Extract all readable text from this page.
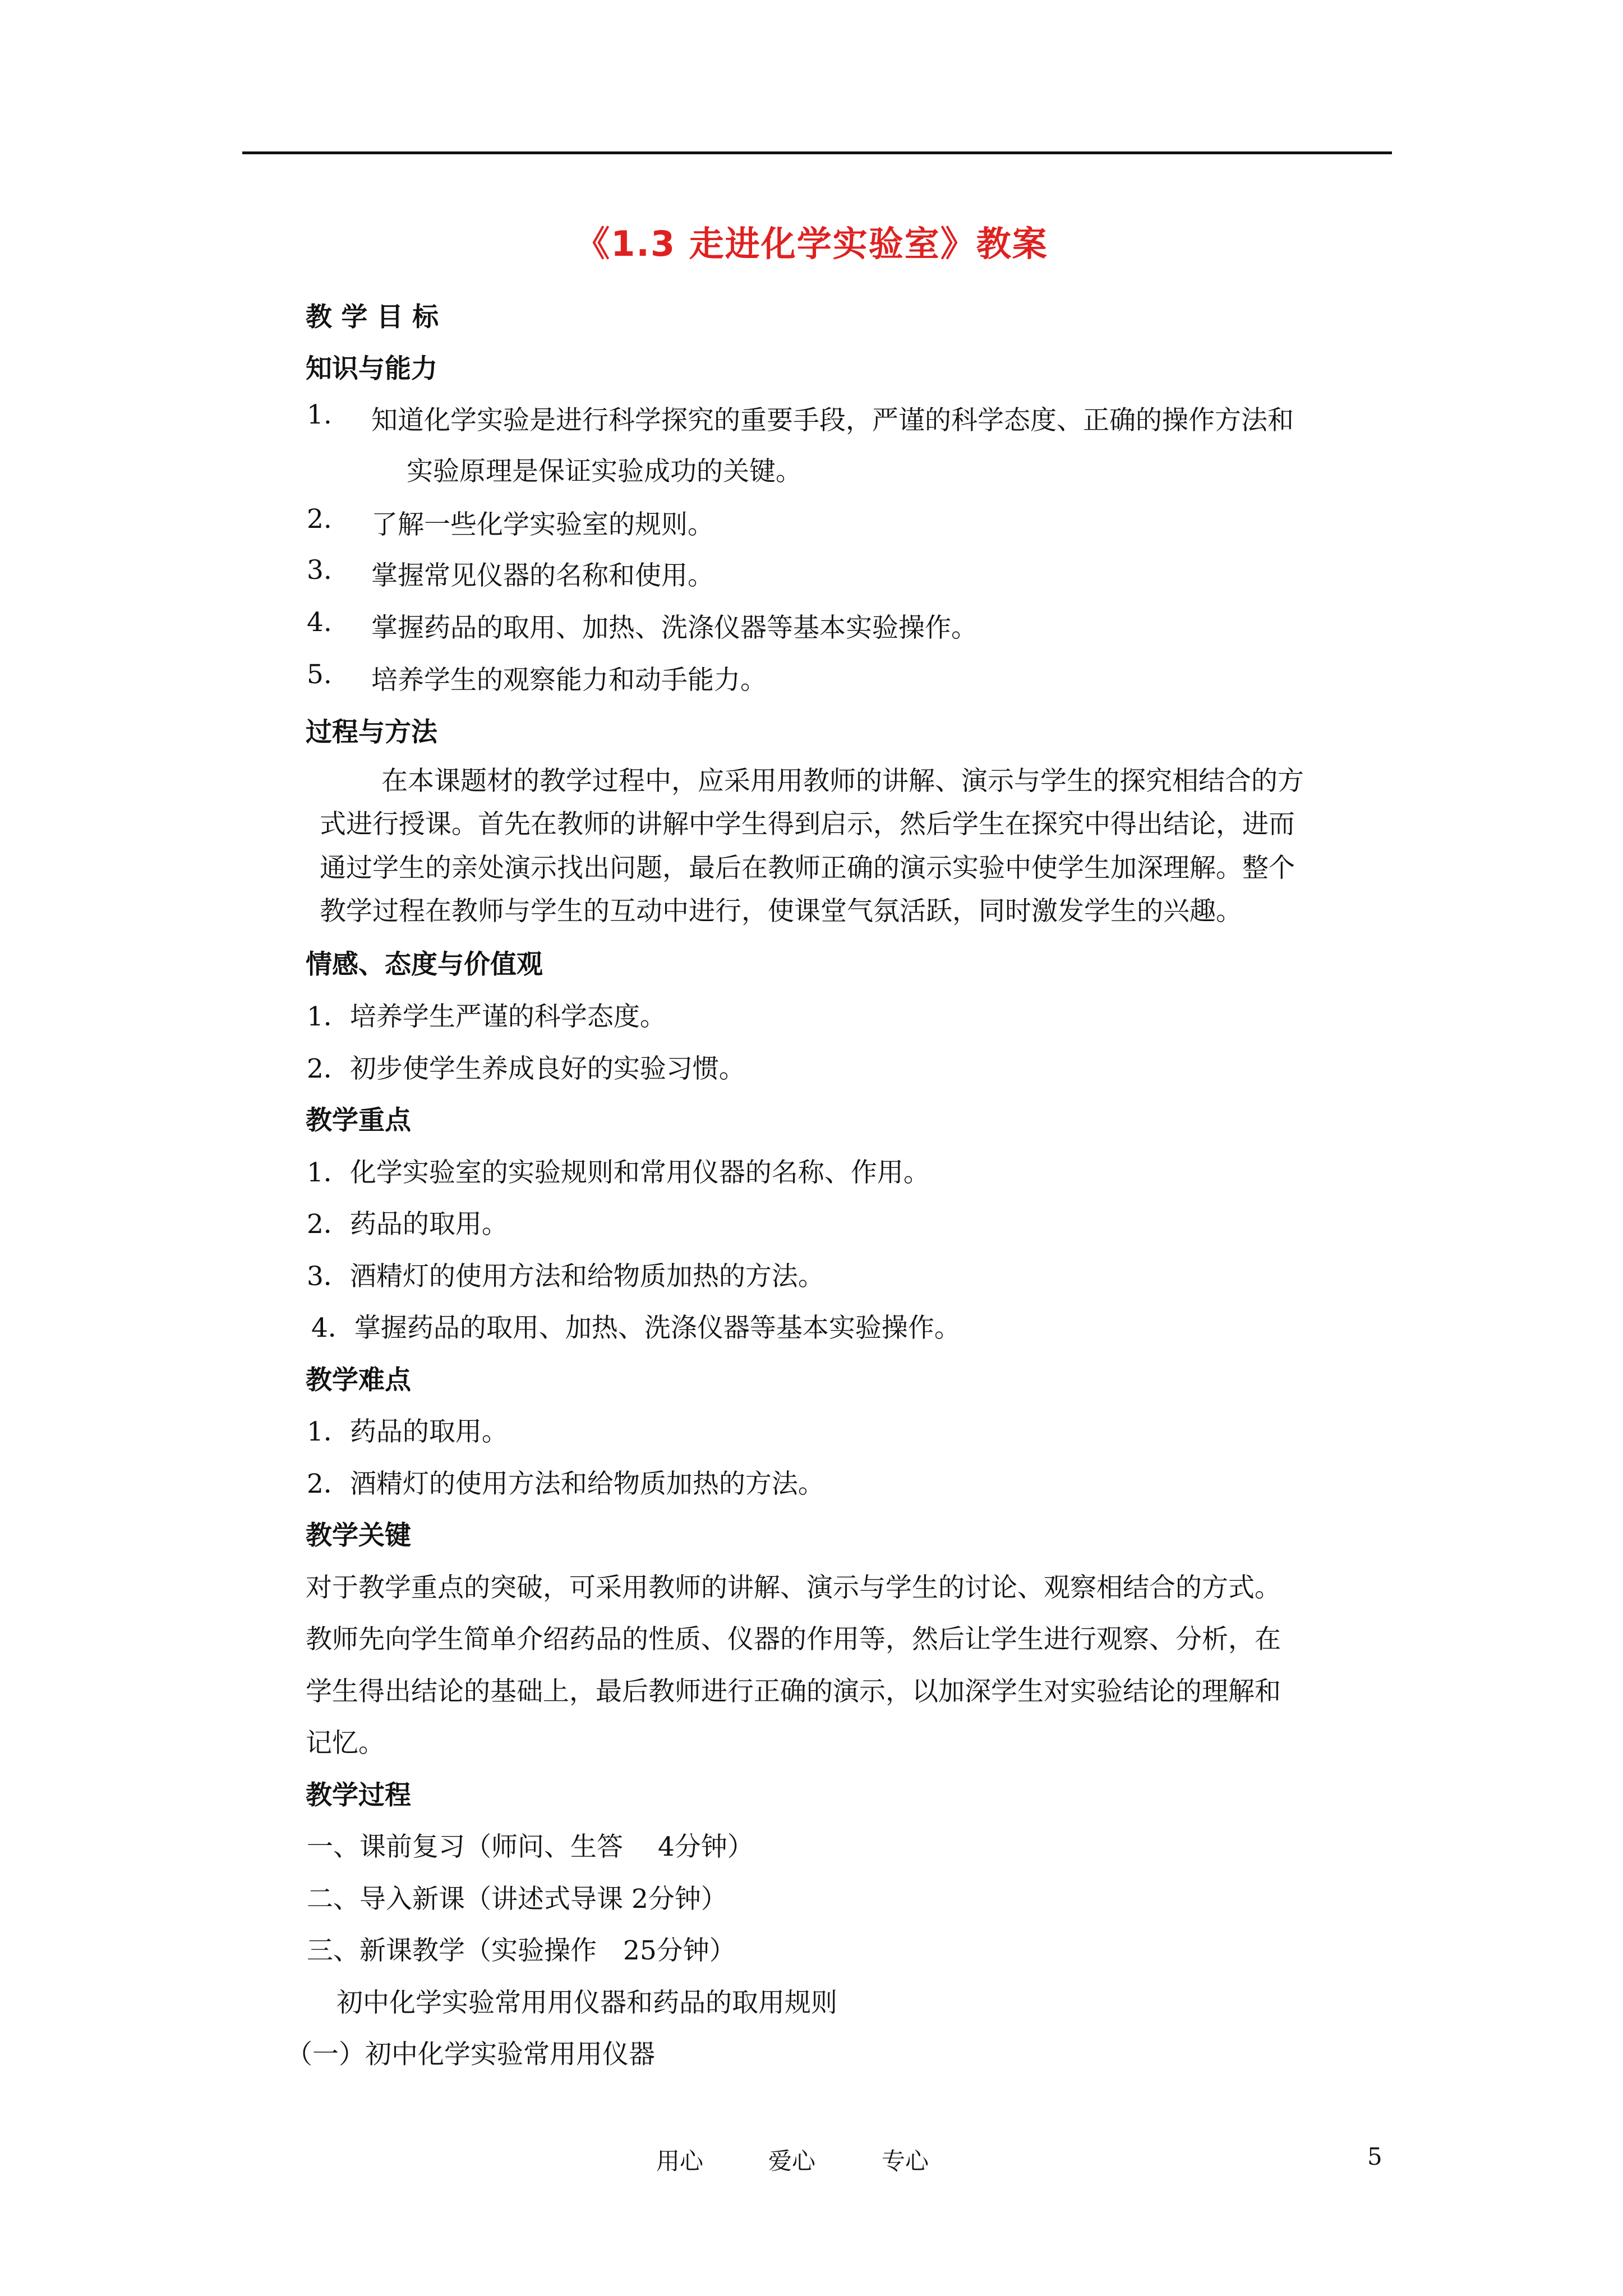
《1.3 走进化学实验室》教案
教 学 目 标
知识与能力
1. 知道化学实验是进行科学探究的重要手段，严谨的科学态度、正确的操作方法和
实验原理是保证实验成功的关键。
2. 了解一些化学实验室的规则。
3. 掌握常见仪器的名称和使用。
4. 掌握药品的取用、加热、洗涤仪器等基本实验操作。
5. 培养学生的观察能力和动手能力。
过程与方法
在本课题材的教学过程中，应采用用教师的讲解、演示与学生的探究相结合的方
式进行授课。首先在教师的讲解中学生得到启示，然后学生在探究中得出结论，进而
通过学生的亲处演示找出问题，最后在教师正确的演示实验中使学生加深理解。整个
教学过程在教师与学生的互动中进行，使课堂气氛活跃，同时激发学生的兴趣。
情感、态度与价值观
1．培养学生严谨的科学态度。
2．初步使学生养成良好的实验习惯。
教学重点
1．化学实验室的实验规则和常用仪器的名称、作用。
2．药品的取用。
3．酒精灯的使用方法和给物质加热的方法。
4．掌握药品的取用、加热、洗涤仪器等基本实验操作。
教学难点
1．药品的取用。
2．酒精灯的使用方法和给物质加热的方法。
教学关键
对于教学重点的突破，可采用教师的讲解、演示与学生的讨论、观察相结合的方式。
教师先向学生简单介绍药品的性质、仪器的作用等，然后让学生进行观察、分析，在
学生得出结论的基础上，最后教师进行正确的演示，以加深学生对实验结论的理解和
记忆。
教学过程
一、课前复习（师问、生答　 4分钟）
二、导入新课（讲述式导课 2分钟）
三、新课教学（实验操作　25分钟）
初中化学实验常用用仪器和药品的取用规则
（一）初中化学实验常用用仪器
用心	爱心	专心	5
